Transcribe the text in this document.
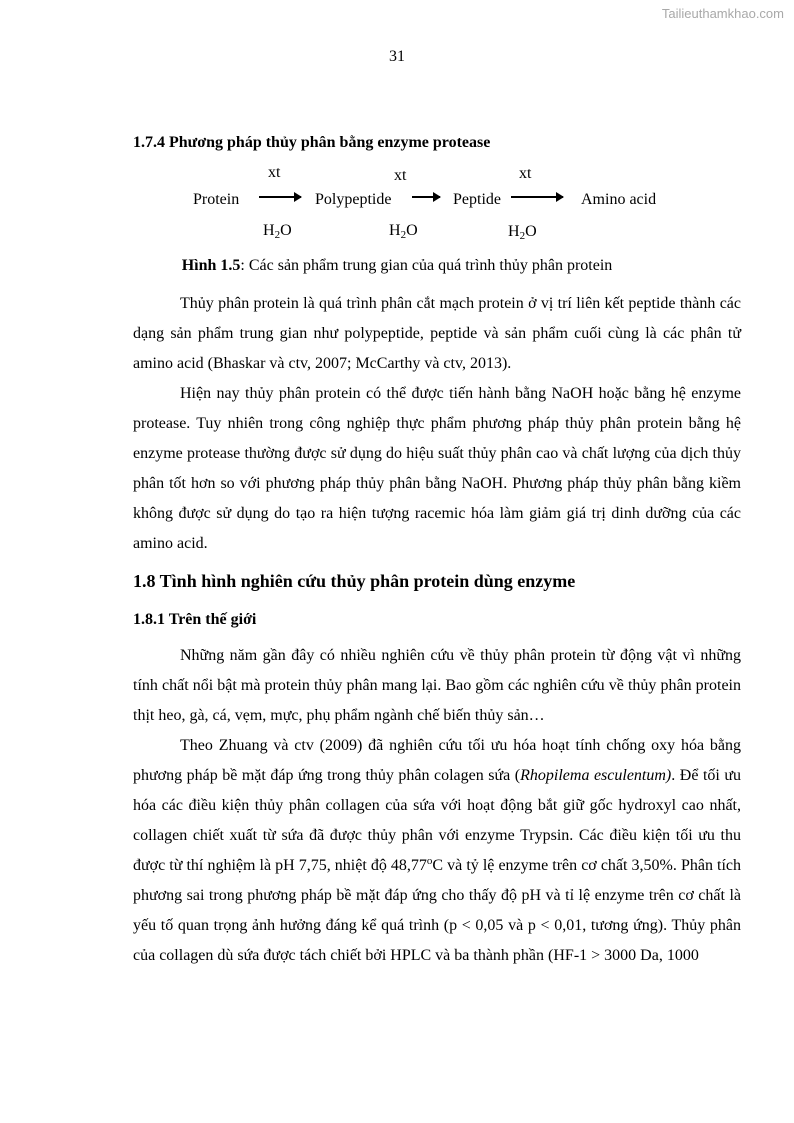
Tailieuthamkhao.com
31
1.7.4 Phương pháp thủy phân bằng enzyme protease
xt	xt	xt
Protein → Polypeptide → Peptide → Amino acid
$H_2O$	$H_2O$	$H_2O$
Hình 1.5: Các sản phẩm trung gian của quá trình thủy phân protein

Thủy phân protein là quá trình phân cắt mạch protein ở vị trí liên kết peptide thành các dạng sản phẩm trung gian như polypeptide, peptide và sản phẩm cuối cùng là các phân tử amino acid (Bhaskar và ctv, 2007; McCarthy và ctv, 2013).

Hiện nay thủy phân protein có thể được tiến hành bằng NaOH hoặc bằng hệ enzyme protease. Tuy nhiên trong công nghiệp thực phẩm phương pháp thủy phân protein bằng hệ enzyme protease thường được sử dụng do hiệu suất thủy phân cao và chất lượng của dịch thủy phân tốt hơn so với phương pháp thủy phân bằng NaOH. Phương pháp thủy phân bằng kiềm không được sử dụng do tạo ra hiện tượng racemic hóa làm giảm giá trị dinh dưỡng của các amino acid.

1.8 Tình hình nghiên cứu thủy phân protein dùng enzyme
1.8.1 Trên thế giới

Những năm gần đây có nhiều nghiên cứu về thủy phân protein từ động vật vì những tính chất nổi bật mà protein thủy phân mang lại. Bao gồm các nghiên cứu về thủy phân protein thịt heo, gà, cá, vẹm, mực, phụ phẩm ngành chế biến thủy sản…

Theo Zhuang và ctv (2009) đã nghiên cứu tối ưu hóa hoạt tính chống oxy hóa bằng phương pháp bề mặt đáp ứng trong thủy phân colagen sứa (Rhopilema esculentum). Để tối ưu hóa các điều kiện thủy phân collagen của sứa với hoạt động bắt giữ gốc hydroxyl cao nhất, collagen chiết xuất từ sứa đã được thủy phân với enzyme Trypsin. Các điều kiện tối ưu thu được từ thí nghiệm là pH 7,75, nhiệt độ 48,77$^o$C và tỷ lệ enzyme trên cơ chất 3,50%. Phân tích phương sai trong phương pháp bề mặt đáp ứng cho thấy độ pH và tỉ lệ enzyme trên cơ chất là yếu tố quan trọng ảnh hưởng đáng kể quá trình (p < 0,05 và p < 0,01, tương ứng). Thủy phân của collagen dù sứa được tách chiết bởi HPLC và ba thành phần (HF-1 > 3000 Da, 1000
